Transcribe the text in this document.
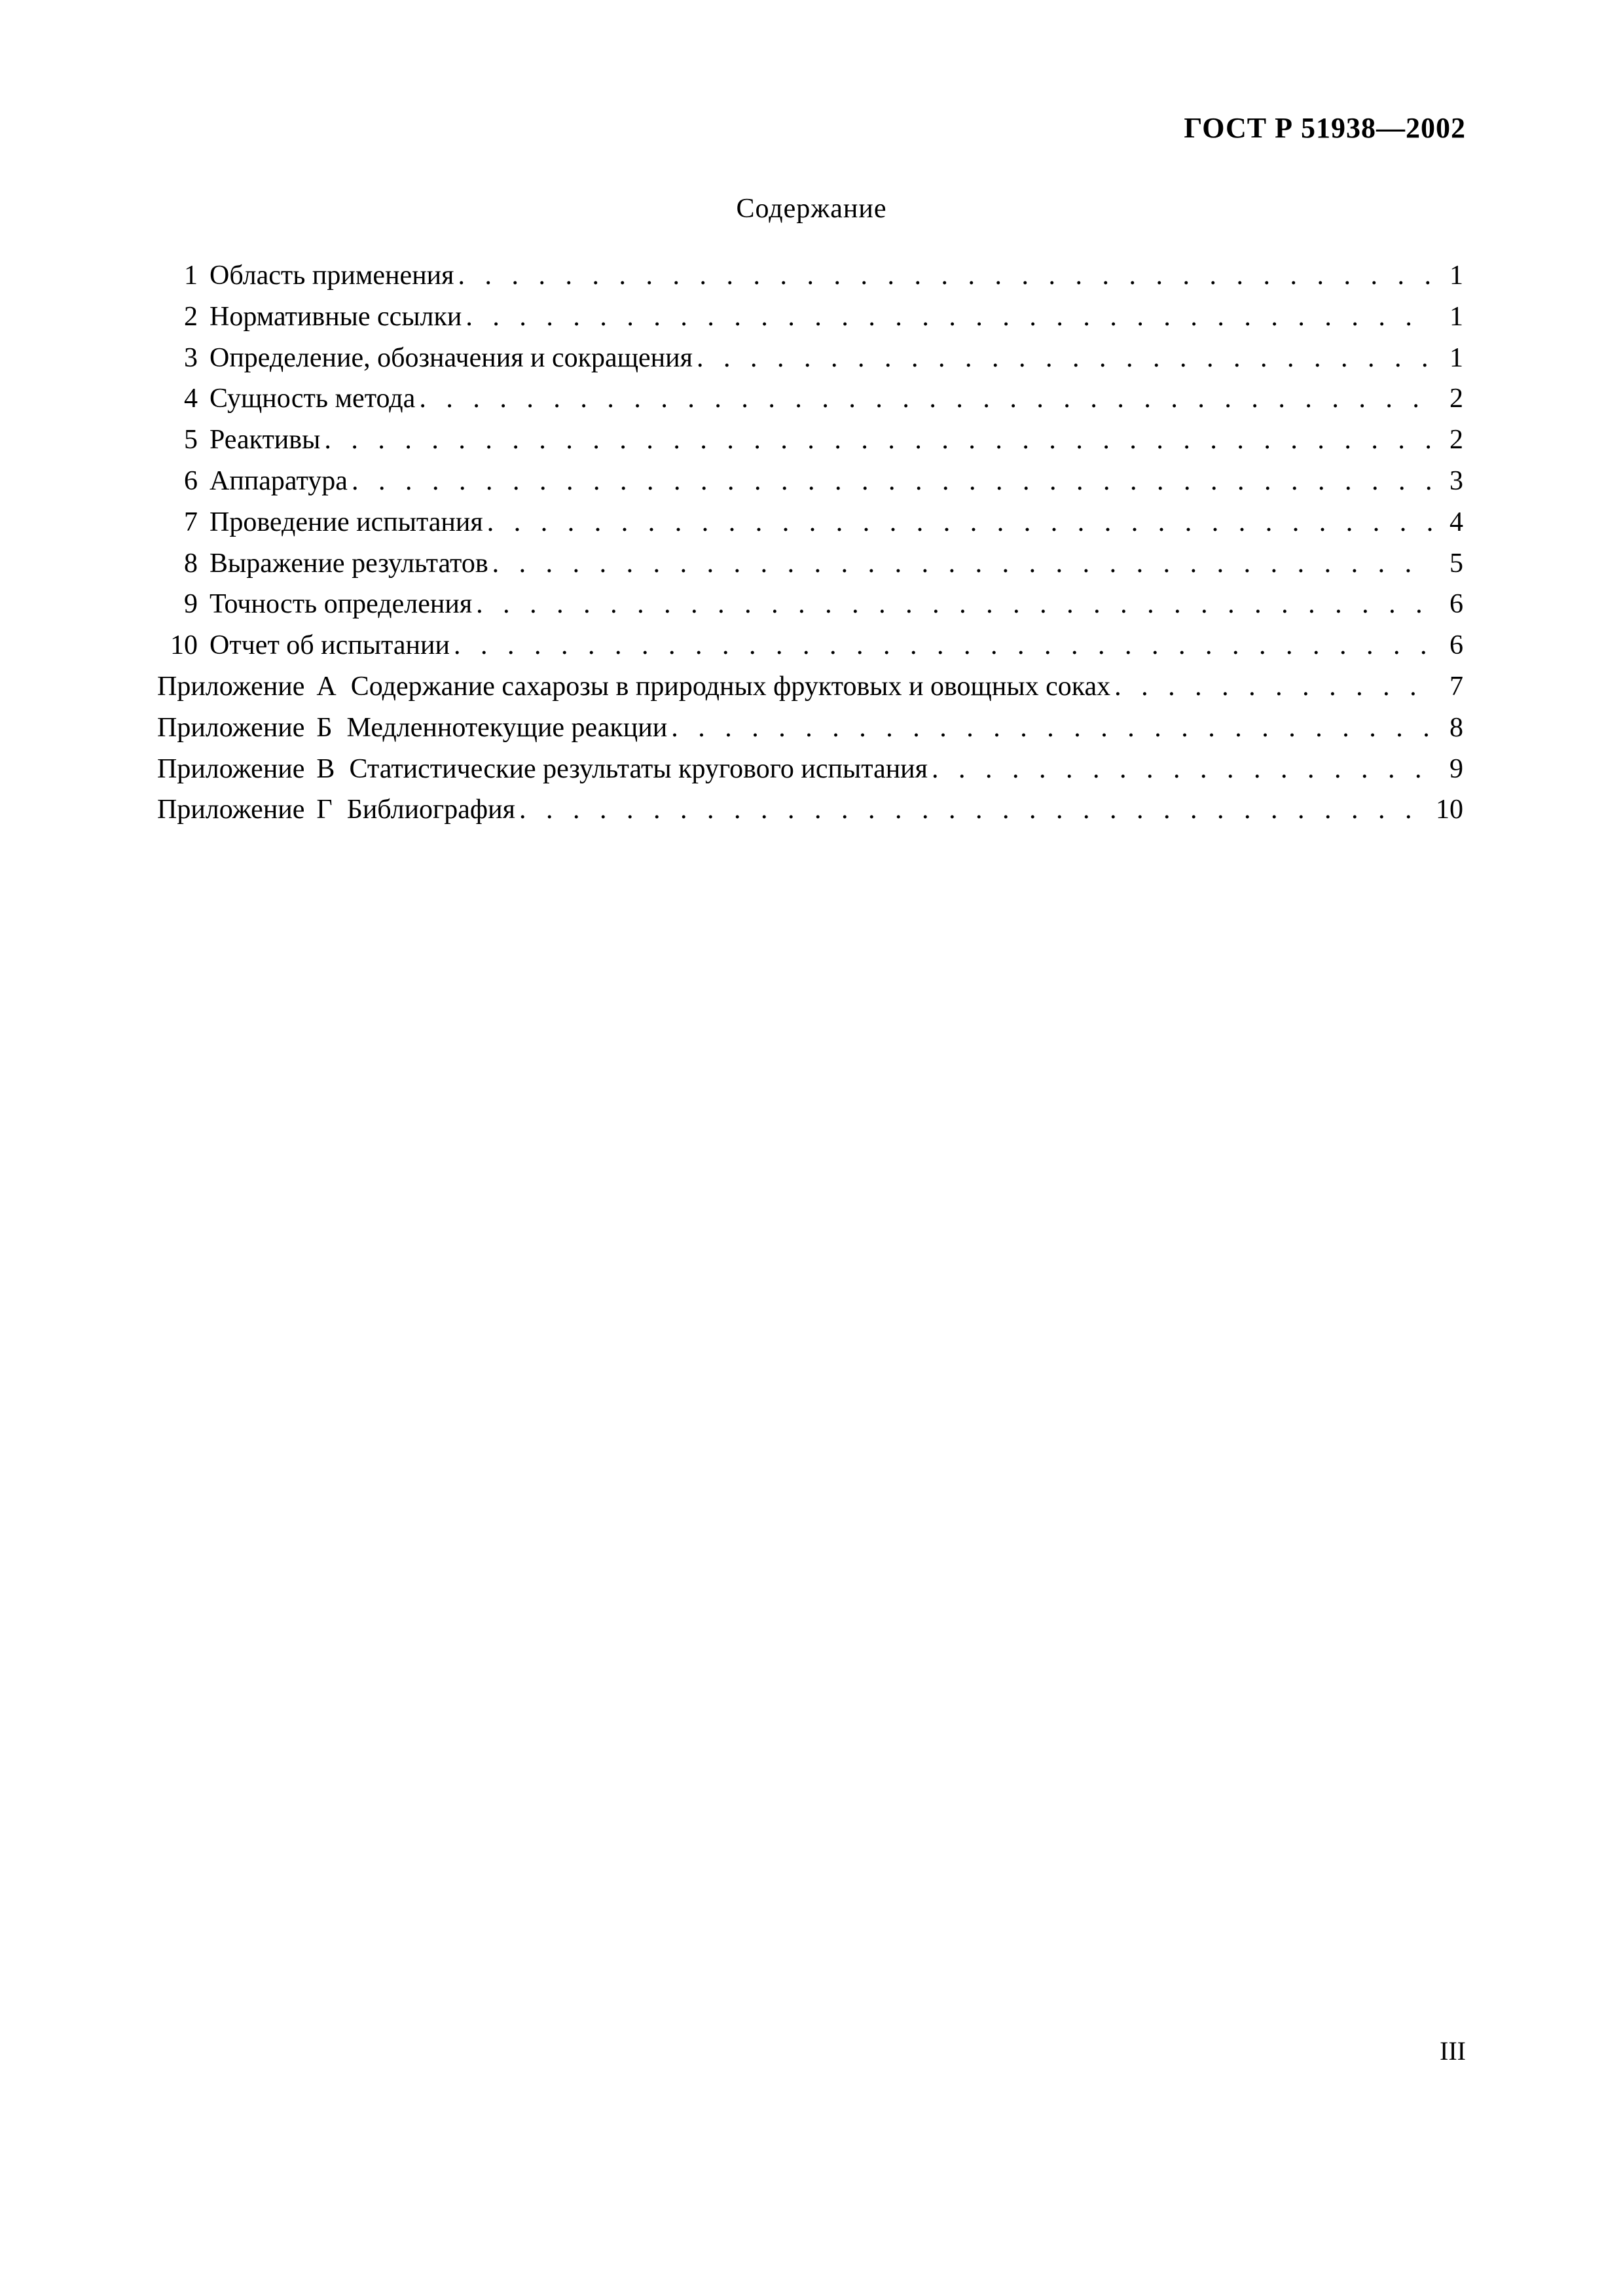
ГОСТ Р 51938—2002
Содержание
1 Область применения . . .	1
2 Нормативные ссылки . . .	1
3 Определение, обозначения и сокращения . . .	1
4 Сущность метода . . .	2
5 Реактивы . . .	2
6 Аппаратура . . .	3
7 Проведение испытания . . .	4
8 Выражение результатов . . .	5
9 Точность определения . . .	6
10 Отчет об испытании . . .	6
Приложение А Содержание сахарозы в природных фруктовых и овощных соках . . .	7
Приложение Б Медленнотекущие реакции . . .	8
Приложение В Статистические результаты кругового испытания . . .	9
Приложение Г Библиография . . .	10
III
